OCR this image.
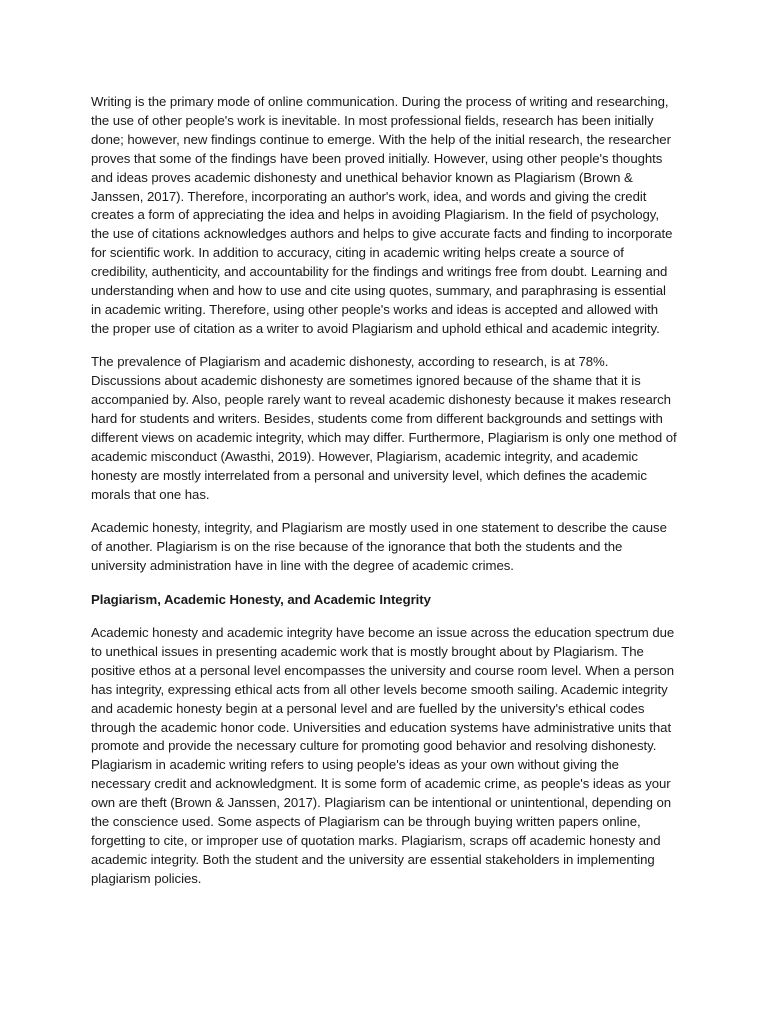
Writing is the primary mode of online communication. During the process of writing and researching, the use of other people's work is inevitable. In most professional fields, research has been initially done; however, new findings continue to emerge. With the help of the initial research, the researcher proves that some of the findings have been proved initially. However, using other people's thoughts and ideas proves academic dishonesty and unethical behavior known as Plagiarism (Brown & Janssen, 2017). Therefore, incorporating an author's work, idea, and words and giving the credit creates a form of appreciating the idea and helps in avoiding Plagiarism. In the field of psychology, the use of citations acknowledges authors and helps to give accurate facts and finding to incorporate for scientific work. In addition to accuracy, citing in academic writing helps create a source of credibility, authenticity, and accountability for the findings and writings free from doubt. Learning and understanding when and how to use and cite using quotes, summary, and paraphrasing is essential in academic writing. Therefore, using other people's works and ideas is accepted and allowed with the proper use of citation as a writer to avoid Plagiarism and uphold ethical and academic integrity.

The prevalence of Plagiarism and academic dishonesty, according to research, is at 78%. Discussions about academic dishonesty are sometimes ignored because of the shame that it is accompanied by. Also, people rarely want to reveal academic dishonesty because it makes research hard for students and writers. Besides, students come from different backgrounds and settings with different views on academic integrity, which may differ. Furthermore, Plagiarism is only one method of academic misconduct (Awasthi, 2019). However, Plagiarism, academic integrity, and academic honesty are mostly interrelated from a personal and university level, which defines the academic morals that one has.

Academic honesty, integrity, and Plagiarism are mostly used in one statement to describe the cause of another. Plagiarism is on the rise because of the ignorance that both the students and the university administration have in line with the degree of academic crimes.

Plagiarism, Academic Honesty, and Academic Integrity

Academic honesty and academic integrity have become an issue across the education spectrum due to unethical issues in presenting academic work that is mostly brought about by Plagiarism. The positive ethos at a personal level encompasses the university and course room level. When a person has integrity, expressing ethical acts from all other levels become smooth sailing. Academic integrity and academic honesty begin at a personal level and are fuelled by the university's ethical codes through the academic honor code. Universities and education systems have administrative units that promote and provide the necessary culture for promoting good behavior and resolving dishonesty. Plagiarism in academic writing refers to using people's ideas as your own without giving the necessary credit and acknowledgment. It is some form of academic crime, as people's ideas as your own are theft (Brown & Janssen, 2017). Plagiarism can be intentional or unintentional, depending on the conscience used. Some aspects of Plagiarism can be through buying written papers online, forgetting to cite, or improper use of quotation marks. Plagiarism, scraps off academic honesty and academic integrity. Both the student and the university are essential stakeholders in implementing plagiarism policies.
